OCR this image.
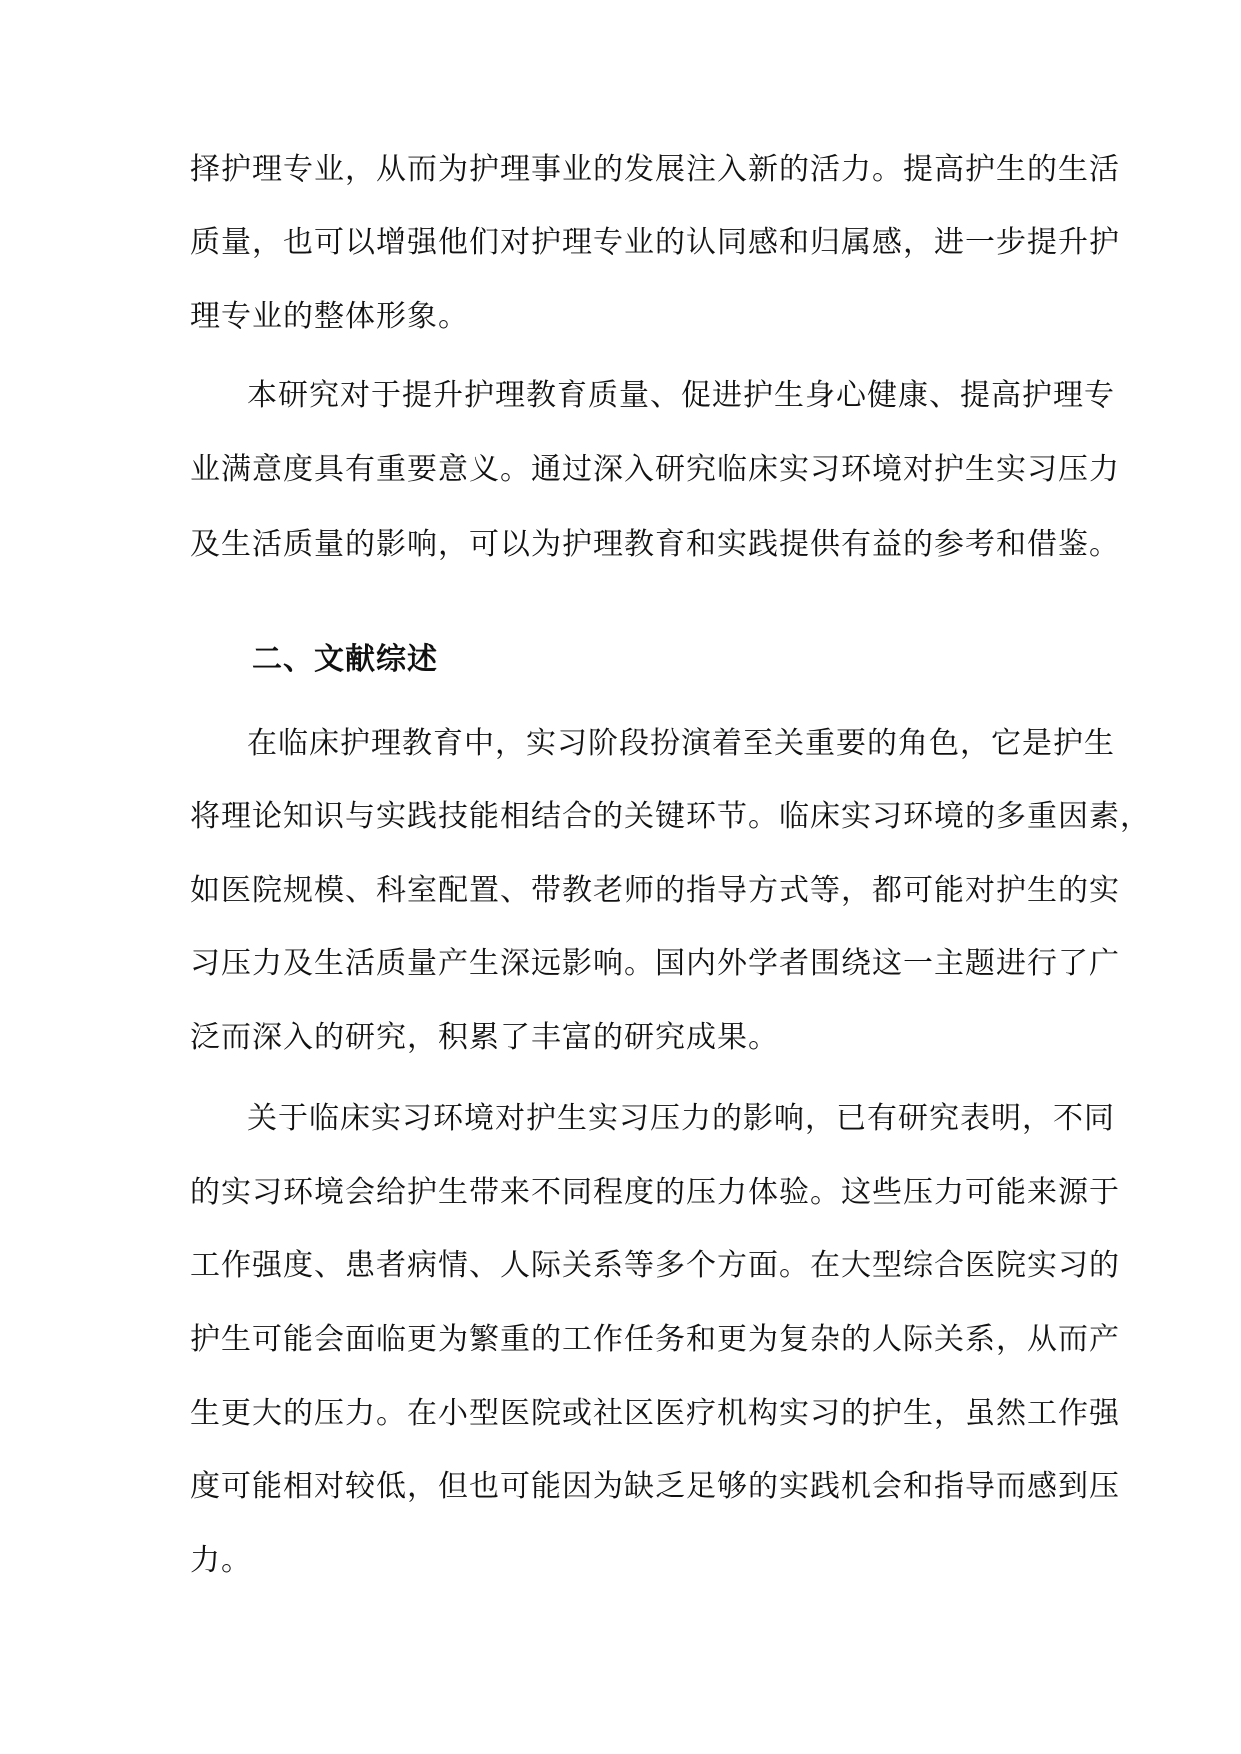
择护理专业，从而为护理事业的发展注入新的活力。提高护生的生活
质量，也可以增强他们对护理专业的认同感和归属感，进一步提升护
理专业的整体形象。
本研究对于提升护理教育质量、促进护生身心健康、提高护理专
业满意度具有重要意义。通过深入研究临床实习环境对护生实习压力
及生活质量的影响，可以为护理教育和实践提供有益的参考和借鉴。
二、文献综述
在临床护理教育中，实习阶段扮演着至关重要的角色，它是护生
将理论知识与实践技能相结合的关键环节。临床实习环境的多重因素，
如医院规模、科室配置、带教老师的指导方式等，都可能对护生的实
习压力及生活质量产生深远影响。国内外学者围绕这一主题进行了广
泛而深入的研究，积累了丰富的研究成果。
关于临床实习环境对护生实习压力的影响，已有研究表明，不同
的实习环境会给护生带来不同程度的压力体验。这些压力可能来源于
工作强度、患者病情、人际关系等多个方面。在大型综合医院实习的
护生可能会面临更为繁重的工作任务和更为复杂的人际关系，从而产
生更大的压力。在小型医院或社区医疗机构实习的护生，虽然工作强
度可能相对较低，但也可能因为缺乏足够的实践机会和指导而感到压
力。
